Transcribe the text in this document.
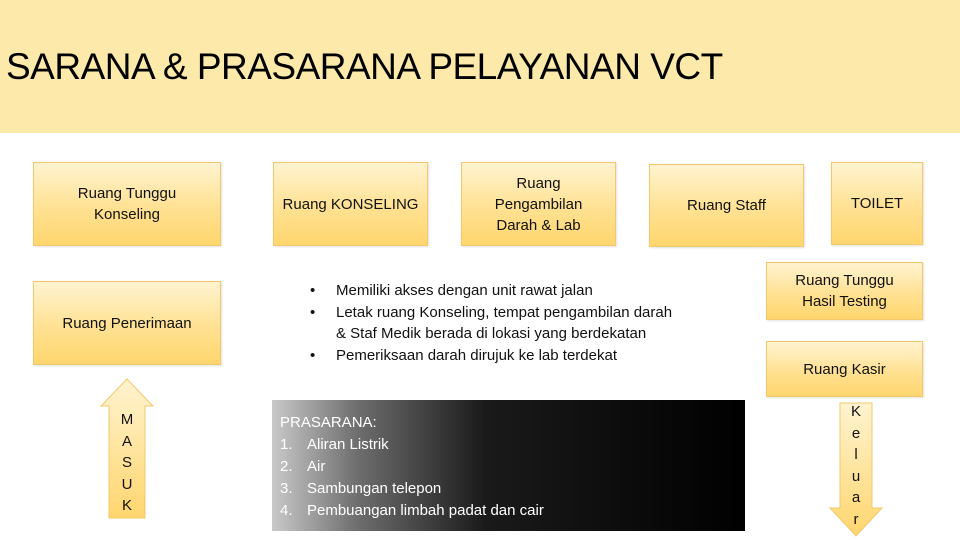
SARANA & PRASARANA PELAYANAN VCT
Ruang Tunggu
Konseling
Ruang KONSELING
Ruang
Pengambilan
Darah & Lab
Ruang Staff	TOILET
Ruang Penerimaan
Ruang Tunggu
Hasil Testing
Ruang Kasir
• Memiliki akses dengan unit rawat jalan
• Letak ruang Konseling, tempat pengambilan darah & Staf Medik berada di lokasi yang berdekatan
• Pemeriksaan darah dirujuk ke lab terdekat
PRASARANA:
1. Aliran Listrik
2. Air
3. Sambungan telepon
4. Pembuangan limbah padat dan cair
M
A
S
U
K
K
e
l
u
a
r
